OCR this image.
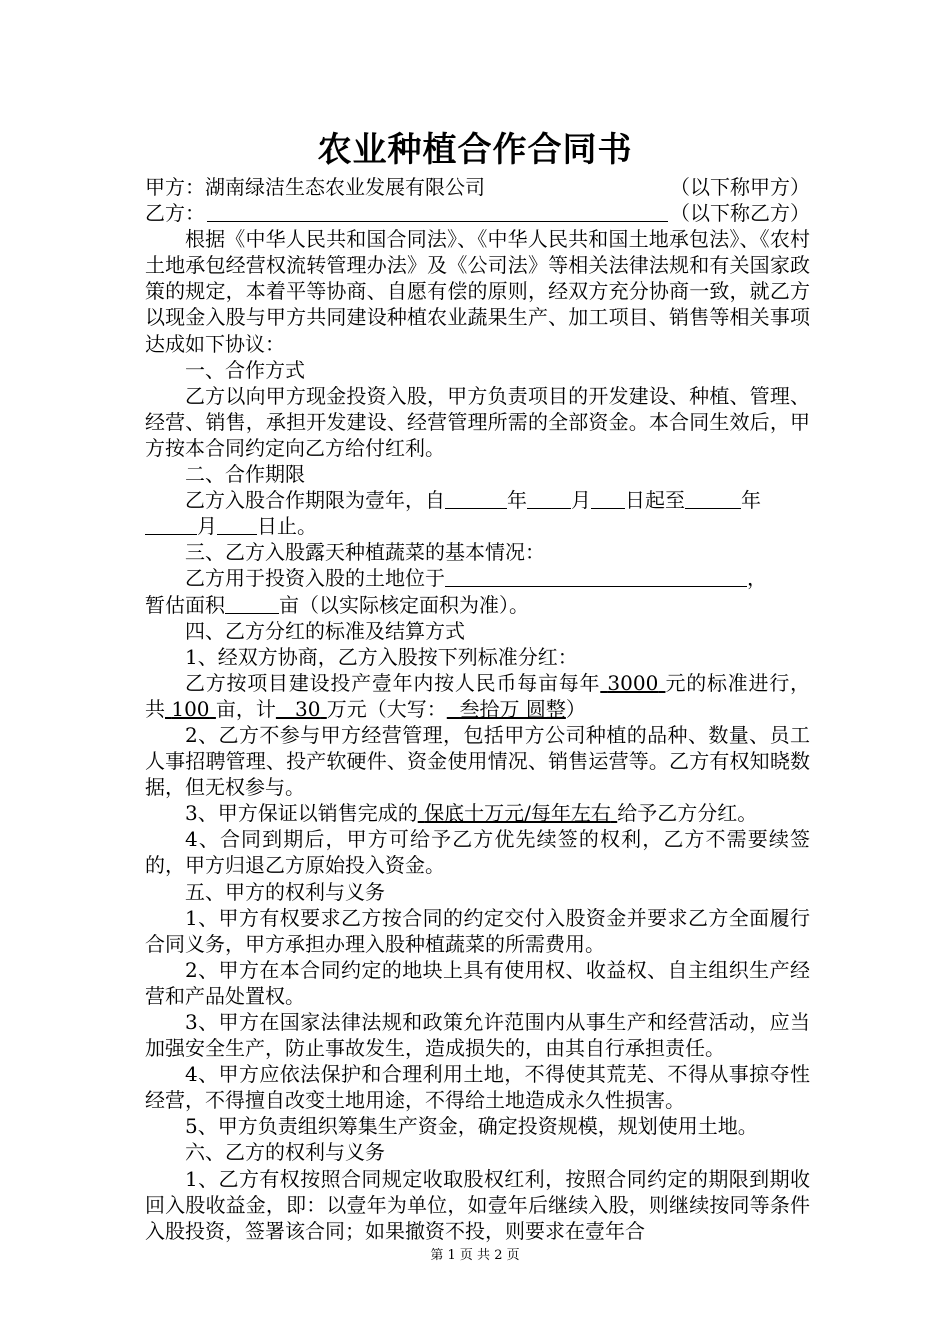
农业种植合作合同书
甲方： 湖南绿洁生态农业发展有限公司	（以下称甲方）
乙方：	（以下称乙方）
根据《中华人民共和国合同法》、《中华人民共和国土地承包法》、《农村土地承包经营权流转管理办法》及《公司法》等相关法律法规和有关国家政策的规定，本着平等协商、自愿有偿的原则，经双方充分协商一致，就乙方以现金入股与甲方共同建设种植农业蔬果生产、加工项目、销售等相关事项达成如下协议：
一、合作方式
乙方以向甲方现金投资入股，甲方负责项目的开发建设、种植、管理、经营、销售，承担开发建设、经营管理所需的全部资金。本合同生效后，甲方按本合同约定向乙方给付红利。
二、合作期限
乙方入股合作期限为壹年，自	年 月 日起至	年
月 日止。
三、乙方入股露天种植蔬菜的基本情况：
乙方用于投资入股的土地位于	，
暂估面积	亩（以实际核定面积为准）。
四、乙方分红的标准及结算方式
1、经双方协商，乙方入股按下列标准分红：
乙方按项目建设投产壹年内按人民币每亩每年 3000 元的标准进行，共 100 亩，计 30 万元（大写： 叁拾万 圆整）
2、乙方不参与甲方经营管理，包括甲方公司种植的品种、数量、员工人事招聘管理、投产软硬件、资金使用情况、销售运营等。乙方有权知晓数据，但无权参与。
3、甲方保证以销售完成的 保底十万元/每年左右 给予乙方分红。
4、合同到期后，甲方可给予乙方优先续签的权利，乙方不需要续签的，甲方归退乙方原始投入资金。
五、甲方的权利与义务
1、甲方有权要求乙方按合同的约定交付入股资金并要求乙方全面履行合同义务，甲方承担办理入股种植蔬菜的所需费用。
2、甲方在本合同约定的地块上具有使用权、收益权、自主组织生产经营和产品处置权。
3、甲方在国家法律法规和政策允许范围内从事生产和经营活动，应当加强安全生产，防止事故发生，造成损失的，由其自行承担责任。
4、甲方应依法保护和合理利用土地，不得使其荒芜、不得从事掠夺性经营，不得擅自改变土地用途，不得给土地造成永久性损害。
5、甲方负责组织筹集生产资金，确定投资规模，规划使用土地。
六、乙方的权利与义务
1、乙方有权按照合同规定收取股权红利，按照合同约定的期限到期收回入股收益金，即：以壹年为单位，如壹年后继续入股，则继续按同等条件入股投资，签署该合同；如果撤资不投，则要求在壹年合
第 1 页 共 2 页
